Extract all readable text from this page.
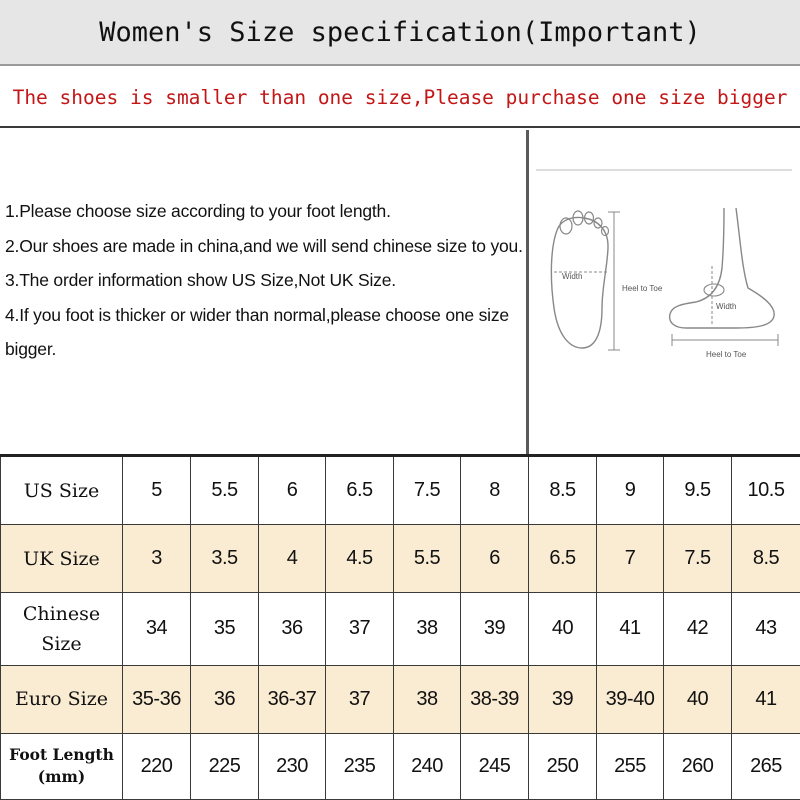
Women's Size specification(Important)
The shoes is smaller than one size,Please purchase one size bigger

1.Please choose size according to your foot length.

2.Our shoes are made in china,and we will send chinese size to you.

3.The order information show US Size,Not UK Size.

4.If you foot is thicker or wider than normal,please choose one size bigger.

Width
Heel to Toe
Width
Heel to Toe
US Size	5	5.5	6	6.5	7.5	8	8.5	9	9.5	10.5
UK Size	3	3.5	4	4.5	5.5	6	6.5	7	7.5	8.5
Chinese Size	34	35	36	37	38	39	40	41	42	43
Euro Size	35-36	36	36-37	37	38	38-39	39	39-40	40	41
Foot Length (mm)	220	225	230	235	240	245	250	255	260	265
